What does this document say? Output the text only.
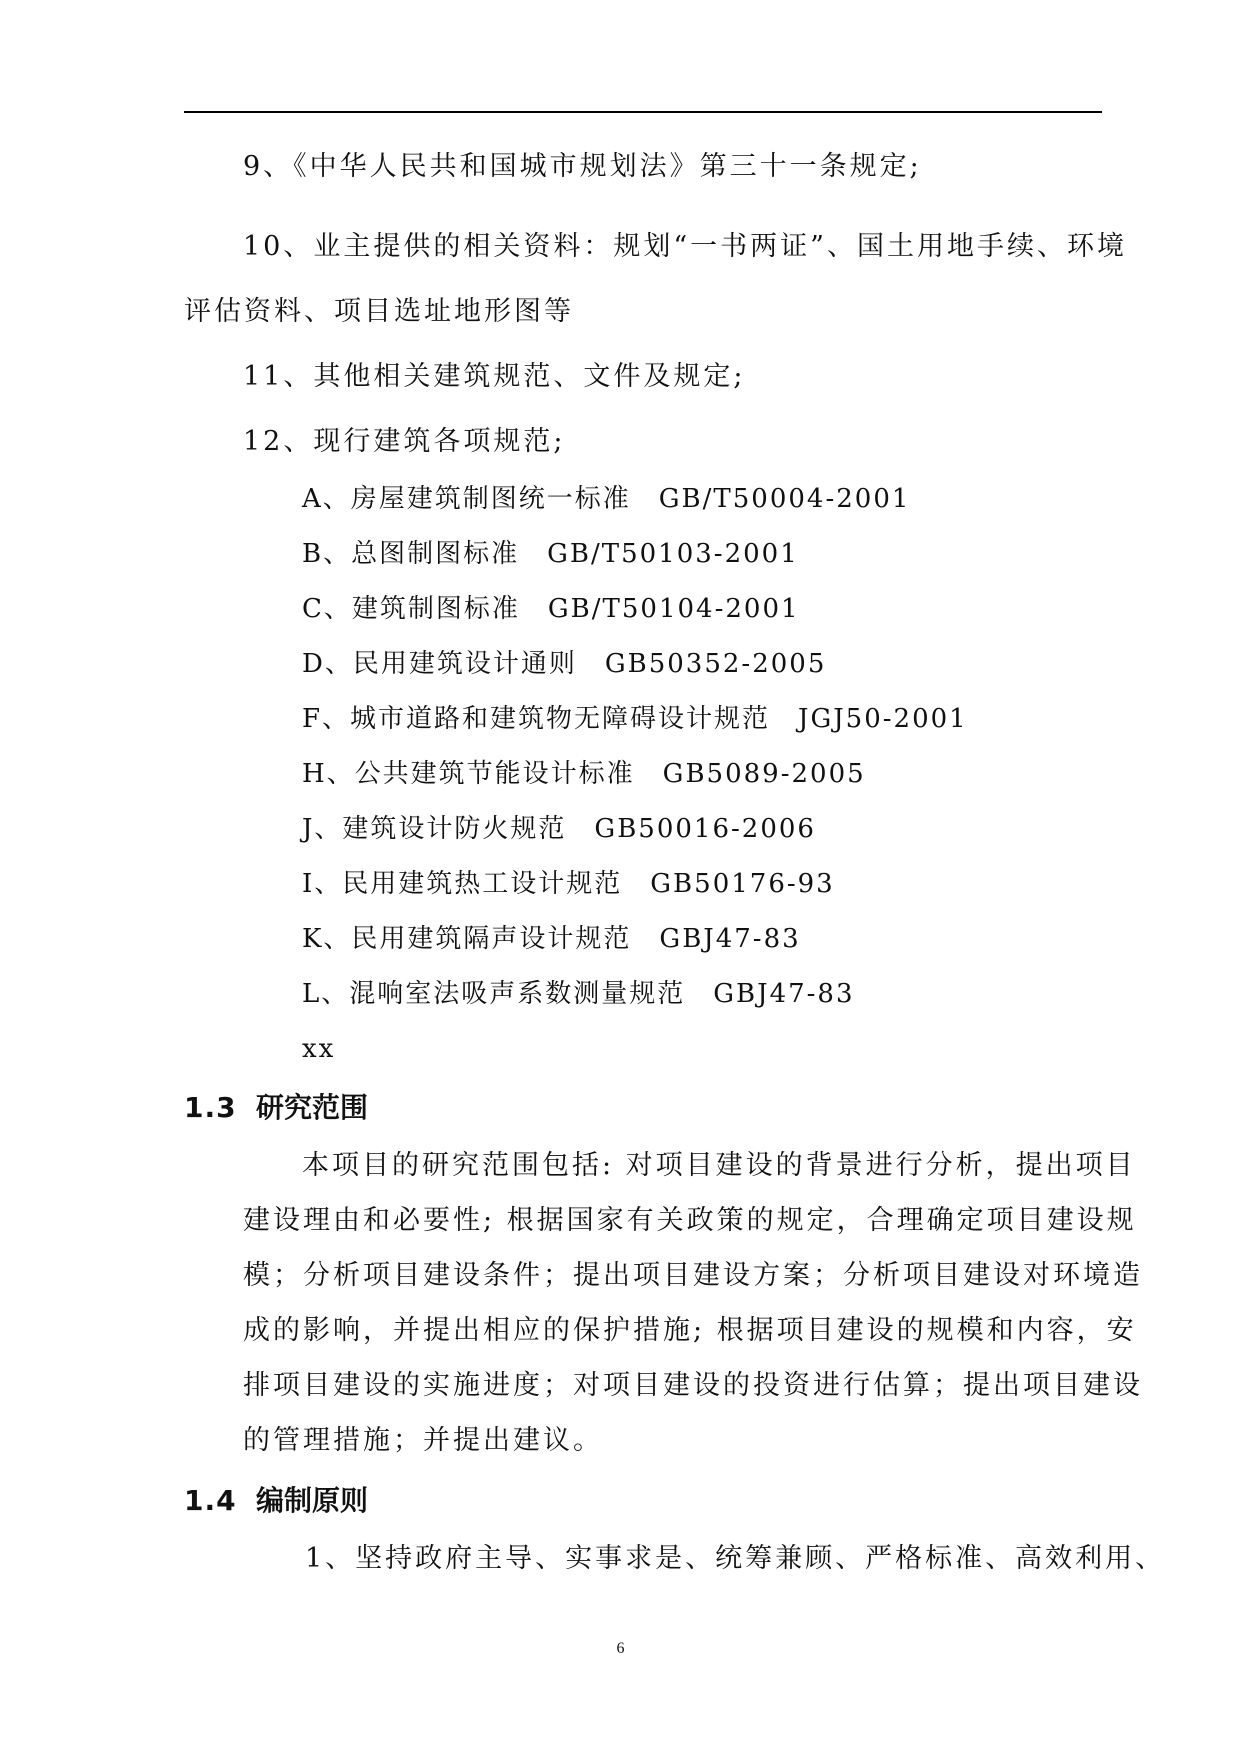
9、《中华人民共和国城市规划法》第三十一条规定;
10、业主提供的相关资料：规划“一书两证”、国土用地手续、环境
评估资料、项目选址地形图等
11、其他相关建筑规范、文件及规定;
12、现行建筑各项规范;
A、房屋建筑制图统一标准　GB/T50004-2001
B、总图制图标准　GB/T50103-2001
C、建筑制图标准　GB/T50104-2001
D、民用建筑设计通则　GB50352-2005
F、城市道路和建筑物无障碍设计规范　JGJ50-2001
H、公共建筑节能设计标准　GB5089-2005
J、建筑设计防火规范　GB50016-2006
I、民用建筑热工设计规范　GB50176-93
K、民用建筑隔声设计规范　GBJ47-83
L、混响室法吸声系数测量规范　GBJ47-83
xx
1.3 研究范围
本项目的研究范围包括: 对项目建设的背景进行分析，提出项目
建设理由和必要性; 根据国家有关政策的规定，合理确定项目建设规
模；分析项目建设条件；提出项目建设方案；分析项目建设对环境造
成的影响，并提出相应的保护措施; 根据项目建设的规模和内容，安
排项目建设的实施进度；对项目建设的投资进行估算；提出项目建设
的管理措施；并提出建议。
1.4 编制原则
1、坚持政府主导、实事求是、统筹兼顾、严格标准、高效利用、
6
